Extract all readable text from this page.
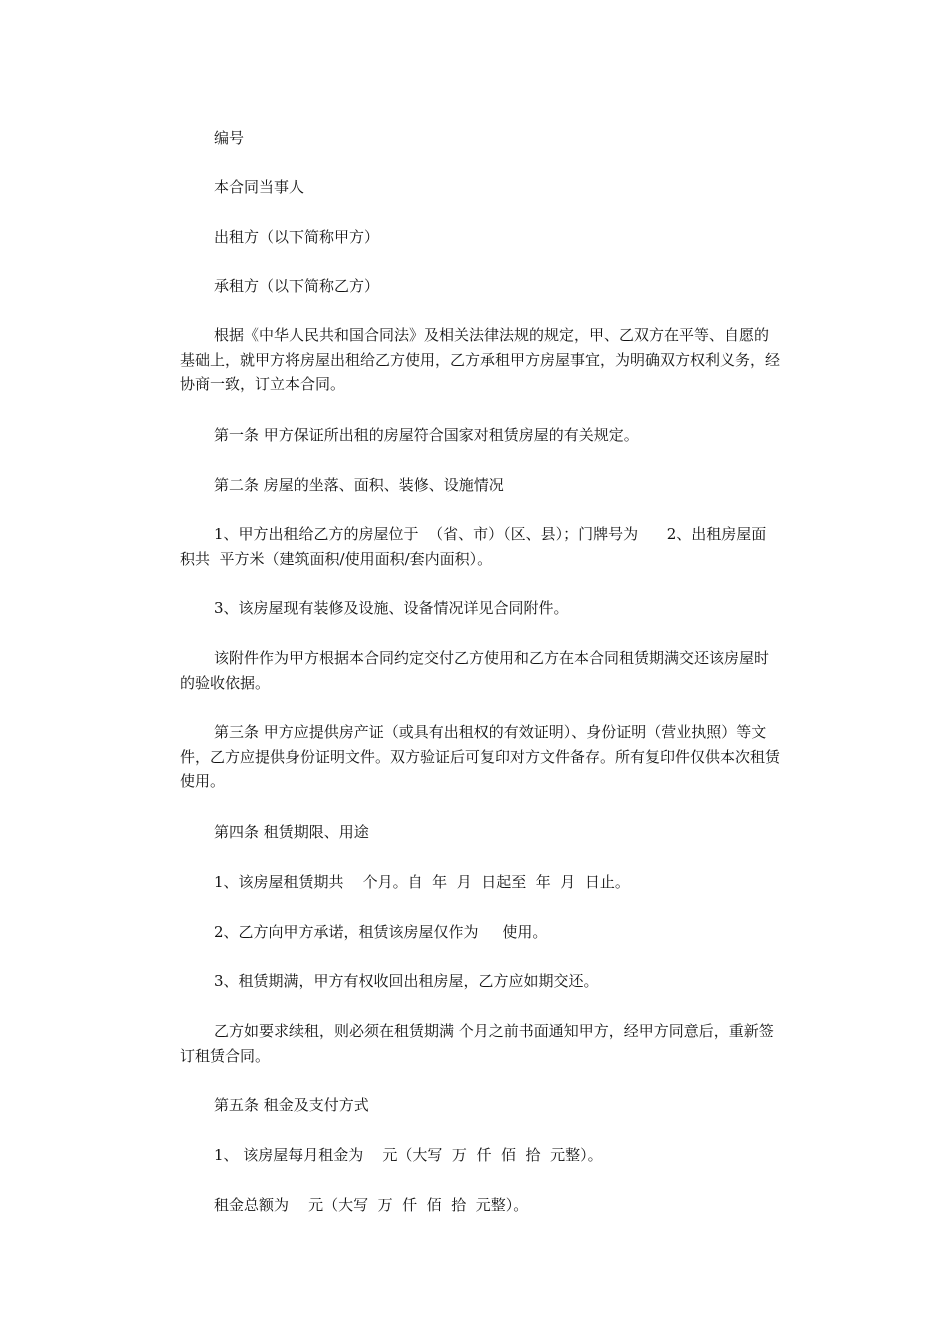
编号

本合同当事人

出租方（以下简称甲方）

承租方（以下简称乙方）

根据《中华人民共和国合同法》及相关法律法规的规定，甲、乙双方在平等、自愿的基础上，就甲方将房屋出租给乙方使用，乙方承租甲方房屋事宜，为明确双方权利义务，经协商一致，订立本合同。

第一条 甲方保证所出租的房屋符合国家对租赁房屋的有关规定。

第二条 房屋的坐落、面积、装修、设施情况

1、甲方出租给乙方的房屋位于  （省、市）（区、县）；门牌号为      2、出租房屋面积共  平方米（建筑面积/使用面积/套内面积）。

3、该房屋现有装修及设施、设备情况详见合同附件。

该附件作为甲方根据本合同约定交付乙方使用和乙方在本合同租赁期满交还该房屋时的验收依据。

第三条 甲方应提供房产证（或具有出租权的有效证明）、身份证明（营业执照）等文件，乙方应提供身份证明文件。双方验证后可复印对方文件备存。所有复印件仅供本次租赁使用。

第四条 租赁期限、用途

1、该房屋租赁期共    个月。自  年  月  日起至  年  月  日止。

2、乙方向甲方承诺，租赁该房屋仅作为     使用。

3、租赁期满，甲方有权收回出租房屋，乙方应如期交还。

乙方如要求续租，则必须在租赁期满 个月之前书面通知甲方，经甲方同意后，重新签订租赁合同。

第五条 租金及支付方式

1、 该房屋每月租金为    元（大写  万  仟  佰  拾  元整）。

租金总额为    元（大写  万  仟  佰  拾  元整）。
